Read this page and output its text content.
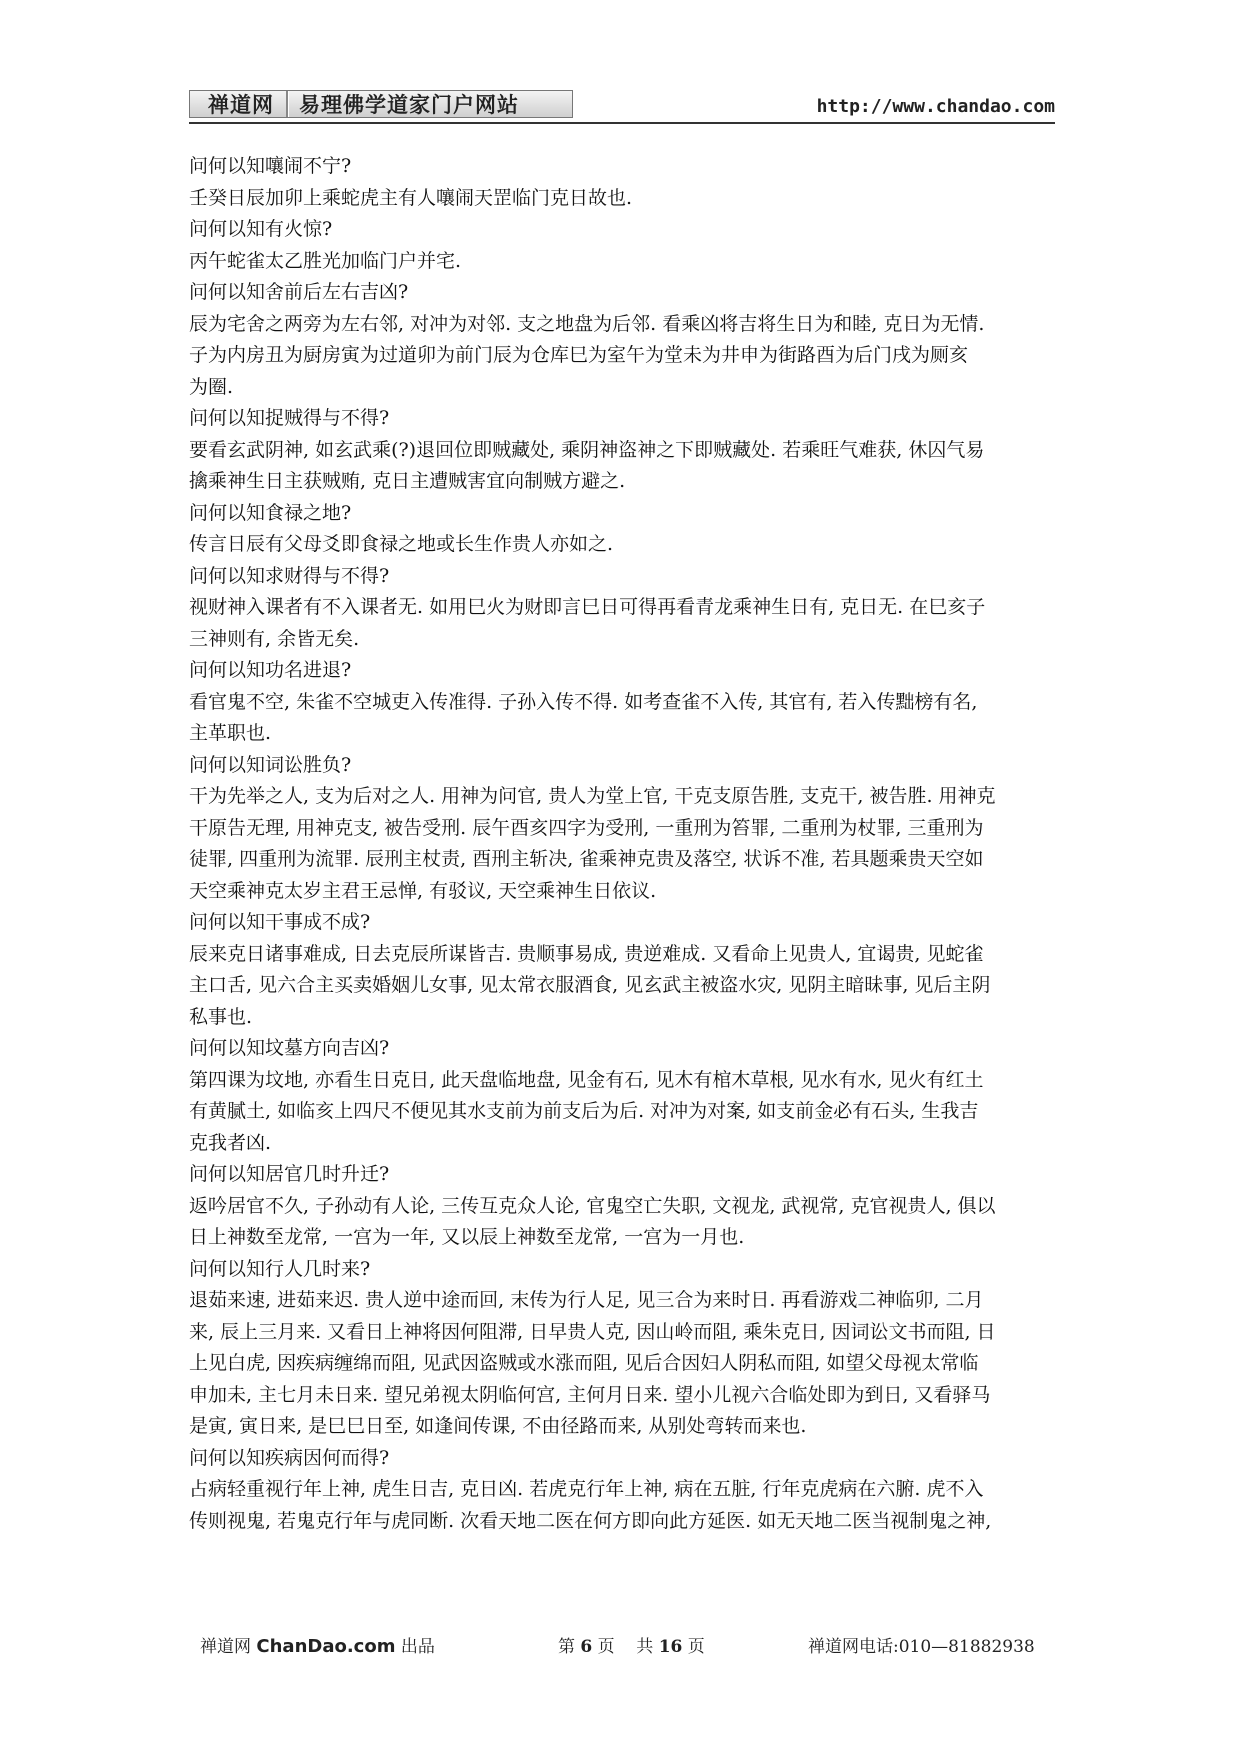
禅道网	易理佛学道家门户网站	http://www.chandao.com
问何以知嚷闹不宁?
壬癸日辰加卯上乘蛇虎主有人嚷闹天罡临门克日故也.
问何以知有火惊?
丙午蛇雀太乙胜光加临门户并宅.
问何以知舍前后左右吉凶?
辰为宅舍之两旁为左右邻, 对冲为对邻. 支之地盘为后邻. 看乘凶将吉将生日为和睦, 克日为无情.
子为内房丑为厨房寅为过道卯为前门辰为仓库巳为室午为堂未为井申为街路酉为后门戌为厕亥
为圈.
问何以知捉贼得与不得?
要看玄武阴神, 如玄武乘(?)退回位即贼藏处, 乘阴神盗神之下即贼藏处. 若乘旺气难获, 休囚气易
擒乘神生日主获贼贿, 克日主遭贼害宜向制贼方避之.
问何以知食禄之地?
传言日辰有父母爻即食禄之地或长生作贵人亦如之.
问何以知求财得与不得?
视财神入课者有不入课者无. 如用巳火为财即言巳日可得再看青龙乘神生日有, 克日无. 在巳亥子
三神则有, 余皆无矣.
问何以知功名进退?
看官鬼不空, 朱雀不空城吏入传准得. 子孙入传不得. 如考查雀不入传, 其官有, 若入传黜榜有名,
主革职也.
问何以知词讼胜负?
干为先举之人, 支为后对之人. 用神为问官, 贵人为堂上官, 干克支原告胜, 支克干, 被告胜. 用神克
干原告无理, 用神克支, 被告受刑. 辰午酉亥四字为受刑, 一重刑为笞罪, 二重刑为杖罪, 三重刑为
徒罪, 四重刑为流罪. 辰刑主杖责, 酉刑主斩决, 雀乘神克贵及落空, 状诉不准, 若具题乘贵天空如
天空乘神克太岁主君王忌惮, 有驳议, 天空乘神生日依议.
问何以知干事成不成?
辰来克日诸事难成, 日去克辰所谋皆吉. 贵顺事易成, 贵逆难成. 又看命上见贵人, 宜谒贵, 见蛇雀
主口舌, 见六合主买卖婚姻儿女事, 见太常衣服酒食, 见玄武主被盗水灾, 见阴主暗昧事, 见后主阴
私事也.
问何以知坟墓方向吉凶?
第四课为坟地, 亦看生日克日, 此天盘临地盘, 见金有石, 见木有棺木草根, 见水有水, 见火有红土
有黄腻土, 如临亥上四尺不便见其水支前为前支后为后. 对冲为对案, 如支前金必有石头, 生我吉
克我者凶.
问何以知居官几时升迁?
返吟居官不久, 子孙动有人论, 三传互克众人论, 官鬼空亡失职, 文视龙, 武视常, 克官视贵人, 俱以
日上神数至龙常, 一宫为一年, 又以辰上神数至龙常, 一宫为一月也.
问何以知行人几时来?
退茹来速, 进茹来迟. 贵人逆中途而回, 末传为行人足, 见三合为来时日. 再看游戏二神临卯, 二月
来, 辰上三月来. 又看日上神将因何阻滞, 日早贵人克, 因山岭而阻, 乘朱克日, 因词讼文书而阻, 日
上见白虎, 因疾病缠绵而阻, 见武因盗贼或水涨而阻, 见后合因妇人阴私而阻, 如望父母视太常临
申加未, 主七月未日来. 望兄弟视太阴临何宫, 主何月日来. 望小儿视六合临处即为到日, 又看驿马
是寅, 寅日来, 是巳巳日至, 如逢间传课, 不由径路而来, 从别处弯转而来也.
问何以知疾病因何而得?
占病轻重视行年上神, 虎生日吉, 克日凶. 若虎克行年上神, 病在五脏, 行年克虎病在六腑. 虎不入
传则视鬼, 若鬼克行年与虎同断. 次看天地二医在何方即向此方延医. 如无天地二医当视制鬼之神,
禅道网 ChanDao.com 出品	第 6 页 共 16 页	禅道网电话:010—81882938
